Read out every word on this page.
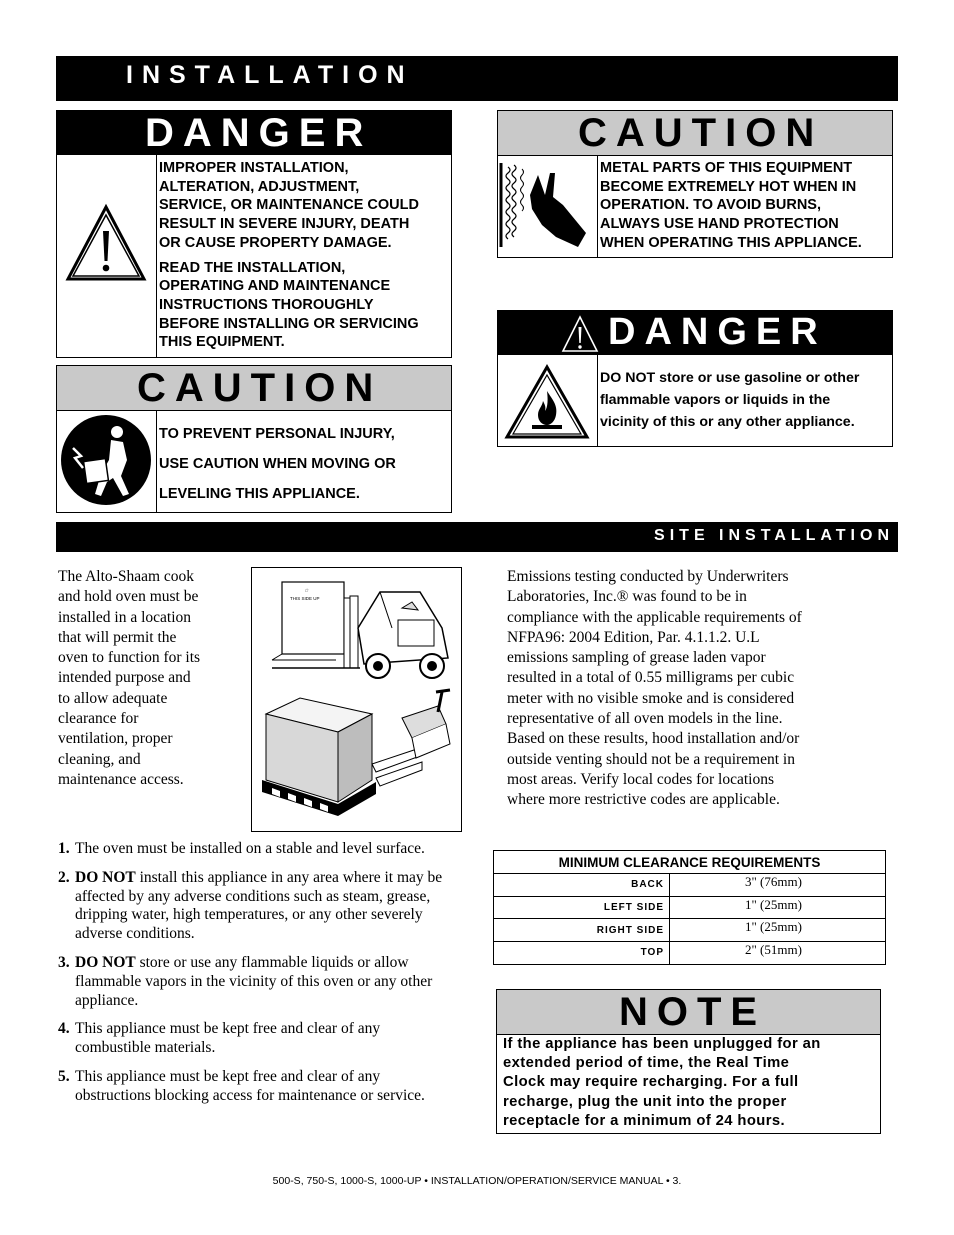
INSTALLATION
DANGER
IMPROPER INSTALLATION,
ALTERATION, ADJUSTMENT,
SERVICE, OR MAINTENANCE COULD
RESULT IN SEVERE INJURY, DEATH
OR CAUSE PROPERTY DAMAGE.
READ THE INSTALLATION,
OPERATING AND MAINTENANCE
INSTRUCTIONS THOROUGHLY
BEFORE INSTALLING OR SERVICING
THIS EQUIPMENT.
CAUTION
METAL PARTS OF THIS EQUIPMENT
BECOME EXTREMELY HOT WHEN IN
OPERATION. TO AVOID BURNS,
ALWAYS USE HAND PROTECTION
WHEN OPERATING THIS APPLIANCE.
DANGER
DO NOT store or use gasoline or other
flammable vapors or liquids in the
vicinity of this or any other appliance.
CAUTION
TO PREVENT PERSONAL INJURY,
USE CAUTION WHEN MOVING OR
LEVELING THIS APPLIANCE.
SITE INSTALLATION
The Alto-Shaam cook
and hold oven must be
installed in a location
that will permit the
oven to function for its
intended purpose and
to allow adequate
clearance for
ventilation, proper
cleaning, and
maintenance access.
THIS SIDE UP
☆
Emissions testing conducted by Underwriters
Laboratories, Inc.® was found to be in
compliance with the applicable requirements of
NFPA96: 2004 Edition, Par. 4.1.1.2. U.L
emissions sampling of grease laden vapor
resulted in a total of 0.55 milligrams per cubic
meter with no visible smoke and is considered
representative of all oven models in the line.
Based on these results, hood installation and/or
outside venting should not be a requirement in
most areas. Verify local codes for locations
where more restrictive codes are applicable.
1. The oven must be installed on a stable and level surface.
2. DO NOT install this appliance in any area where it may be affected by any adverse conditions such as steam, grease, dripping water, high temperatures, or any other severely adverse conditions.
3. DO NOT store or use any flammable liquids or allow flammable vapors in the vicinity of this oven or any other appliance.
4. This appliance must be kept free and clear of any combustible materials.
5. This appliance must be kept free and clear of any obstructions blocking access for maintenance or service.
MINIMUM CLEARANCE REQUIREMENTS	
BACK	3" (76mm)
LEFT SIDE	1" (25mm)
RIGHT SIDE	1" (25mm)
TOP	2" (51mm)
NOTE
If the appliance has been unplugged for an
extended period of time, the Real Time
Clock may require recharging. For a full
recharge, plug the unit into the proper
receptacle for a minimum of 24 hours.
500-S, 750-S, 1000-S, 1000-UP • INSTALLATION/OPERATION/SERVICE MANUAL • 3.
